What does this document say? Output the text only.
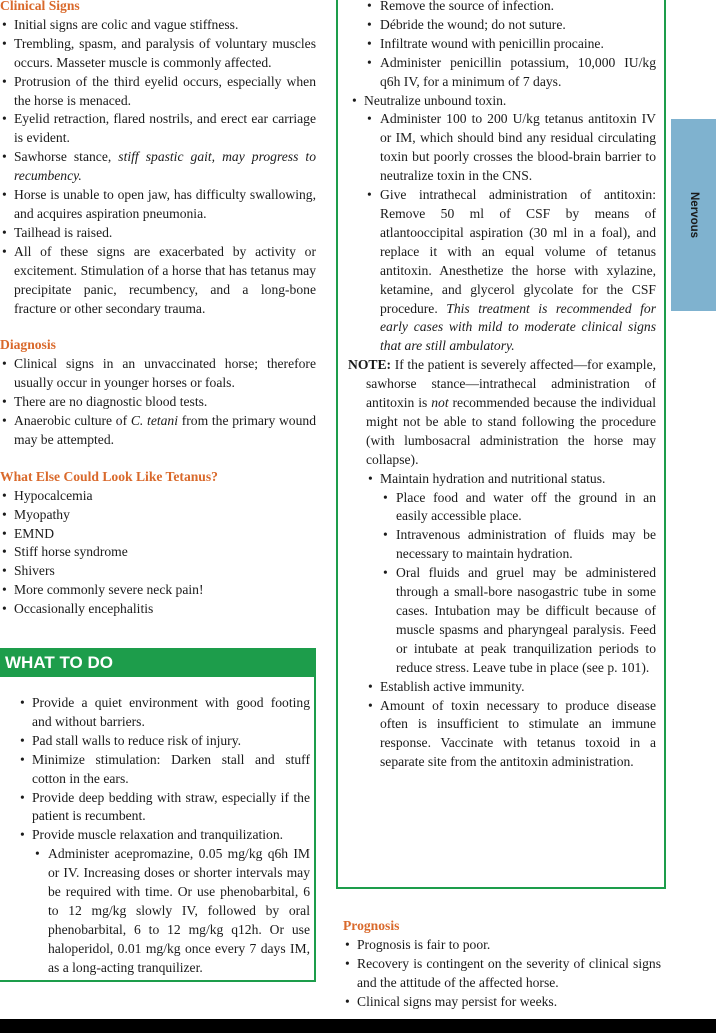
Clinical Signs
• Initial signs are colic and vague stiffness.
• Trembling, spasm, and paralysis of voluntary muscles occurs. Masseter muscle is commonly affected.
• Protrusion of the third eyelid occurs, especially when the horse is menaced.
• Eyelid retraction, flared nostrils, and erect ear carriage is evident.
• Sawhorse stance, stiff spastic gait, may progress to recumbency.
• Horse is unable to open jaw, has difficulty swallowing, and acquires aspiration pneumonia.
• Tailhead is raised.
• All of these signs are exacerbated by activity or excitement. Stimulation of a horse that has tetanus may precipitate panic, recumbency, and a long-bone fracture or other secondary trauma.
Diagnosis
• Clinical signs in an unvaccinated horse; therefore usually occur in younger horses or foals.
• There are no diagnostic blood tests.
• Anaerobic culture of C. tetani from the primary wound may be attempted.
What Else Could Look Like Tetanus?
• Hypocalcemia
• Myopathy
• EMND
• Stiff horse syndrome
• Shivers
• More commonly severe neck pain!
• Occasionally encephalitis
WHAT TO DO
• Provide a quiet environment with good footing and without barriers.
• Pad stall walls to reduce risk of injury.
• Minimize stimulation: Darken stall and stuff cotton in the ears.
• Provide deep bedding with straw, especially if the patient is recumbent.
• Provide muscle relaxation and tranquilization.
• Administer acepromazine, 0.05 mg/kg q6h IM or IV. Increasing doses or shorter intervals may be required with time. Or use phenobarbital, 6 to 12 mg/kg slowly IV, followed by oral phenobarbital, 6 to 12 mg/kg q12h. Or use haloperidol, 0.01 mg/kg once every 7 days IM, as a long-acting tranquilizer.
• Remove the source of infection.
• Débride the wound; do not suture.
• Infiltrate wound with penicillin procaine.
• Administer penicillin potassium, 10,000 IU/kg q6h IV, for a minimum of 7 days.
• Neutralize unbound toxin.
• Administer 100 to 200 U/kg tetanus antitoxin IV or IM, which should bind any residual circulating toxin but poorly crosses the blood-brain barrier to neutralize toxin in the CNS.
• Give intrathecal administration of antitoxin: Remove 50 ml of CSF by means of atlantooccipital aspiration (30 ml in a foal), and replace it with an equal volume of tetanus antitoxin. Anesthetize the horse with xylazine, ketamine, and glycerol glycolate for the CSF procedure. This treatment is recommended for early cases with mild to moderate clinical signs that are still ambulatory.
NOTE: If the patient is severely affected—for example, sawhorse stance—intrathecal administration of antitoxin is not recommended because the individual might not be able to stand following the procedure (with lumbosacral administration the horse may collapse).
• Maintain hydration and nutritional status.
• Place food and water off the ground in an easily accessible place.
• Intravenous administration of fluids may be necessary to maintain hydration.
• Oral fluids and gruel may be administered through a small-bore nasogastric tube in some cases. Intubation may be difficult because of muscle spasms and pharyngeal paralysis. Feed or intubate at peak tranquilization periods to reduce stress. Leave tube in place (see p. 101).
• Establish active immunity.
• Amount of toxin necessary to produce disease often is insufficient to stimulate an immune response. Vaccinate with tetanus toxoid in a separate site from the antitoxin administration.
Prognosis
• Prognosis is fair to poor.
• Recovery is contingent on the severity of clinical signs and the attitude of the affected horse.
• Clinical signs may persist for weeks.
Nervous
